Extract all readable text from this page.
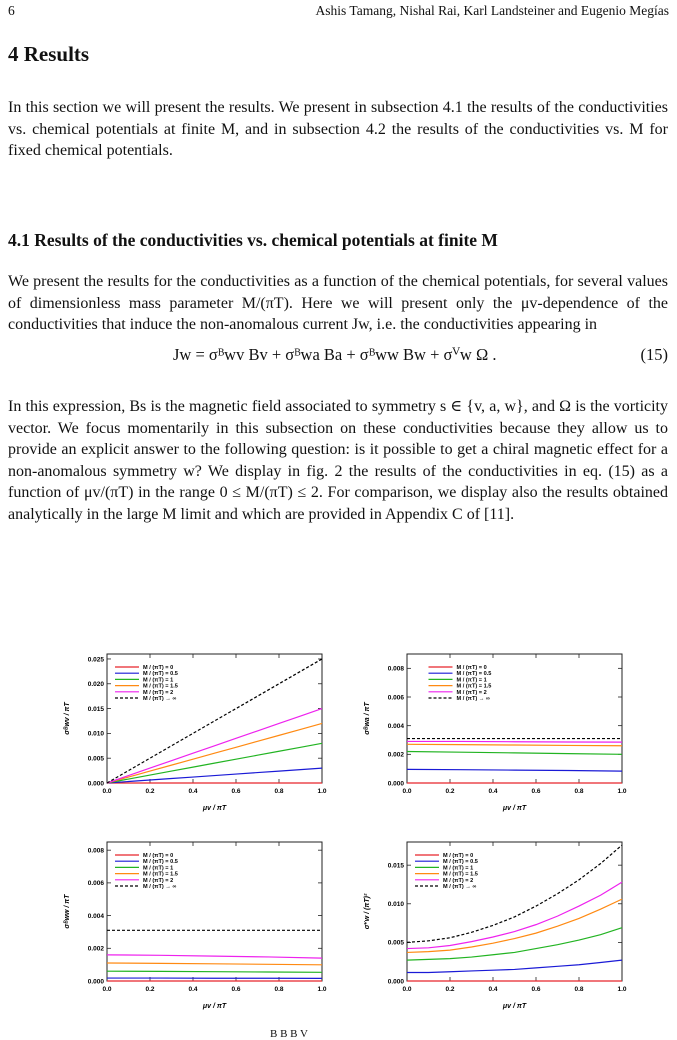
6	Ashis Tamang, Nishal Rai, Karl Landsteiner and Eugenio Megías
4 Results

In this section we will present the results. We present in subsection 4.1 the results of the conductivities vs. chemical potentials at finite M, and in subsection 4.2 the results of the conductivities vs. M for fixed chemical potentials.

4.1 Results of the conductivities vs. chemical potentials at finite M

We present the results for the conductivities as a function of the chemical potentials, for several values of dimensionless mass parameter M/(πT). Here we will present only the μv-dependence of the conductivities that induce the non-anomalous current Jw, i.e. the conductivities appearing in

Jw = σᴮwv Bv + σᴮwa Ba + σᴮww Bw + σⱽw Ω .	(15)

In this expression, Bs is the magnetic field associated to symmetry s ∈ {v, a, w}, and Ω is the vorticity vector. We focus momentarily in this subsection on these conductivities because they allow us to provide an explicit answer to the following question: is it possible to get a chiral magnetic effect for a non-anomalous symmetry w? We display in fig. 2 the results of the conductivities in eq. (15) as a function of μv/(πT) in the range 0 ≤ M/(πT) ≤ 2. For comparison, we display also the results obtained analytically in the large M limit and which are provided in Appendix C of [11].

0.0	0.2	0.4	0.6	0.8	1.0
0.000
0.005
0.010
0.015
0.020
0.025
μv / πT
σᴮwv / πT
M / (πT) = 0
M / (πT) = 0.5
M / (πT) = 1
M / (πT) = 1.5
M / (πT) = 2
M / (πT) → ∞
0.0	0.2	0.4	0.6	0.8	1.0
0.000
0.002
0.004
0.006
0.008
μv / πT
σᴮwa / πT
M / (πT) = 0
M / (πT) = 0.5
M / (πT) = 1
M / (πT) = 1.5
M / (πT) = 2
M / (πT) → ∞
0.0	0.2	0.4	0.6	0.8	1.0
0.000
0.002
0.004
0.006
0.008
μv / πT
σᴮww / πT
M / (πT) = 0
M / (πT) = 0.5
M / (πT) = 1
M / (πT) = 1.5
M / (πT) = 2
M / (πT) → ∞
0.0	0.2	0.4	0.6	0.8	1.0
0.000
0.005
0.010
0.015
μv / πT
σⱽw / (πT)²
M / (πT) = 0
M / (πT) = 0.5
M / (πT) = 1
M / (πT) = 1.5
M / (πT) = 2
M / (πT) → ∞
B B B V
